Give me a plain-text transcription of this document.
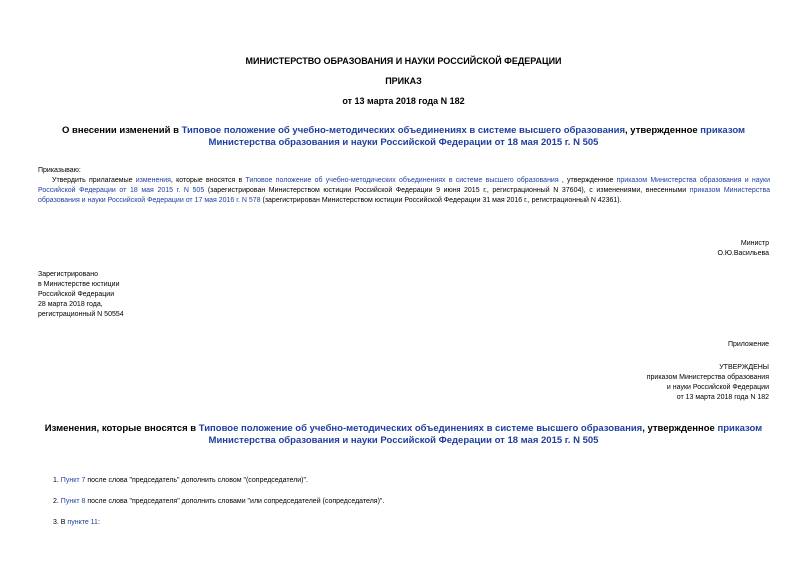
МИНИСТЕРСТВО ОБРАЗОВАНИЯ И НАУКИ РОССИЙСКОЙ ФЕДЕРАЦИИ
ПРИКАЗ
от 13 марта 2018 года N 182
О внесении изменений в Типовое положение об учебно-методических объединениях в системе высшего образования, утвержденное приказом Министерства образования и науки Российской Федерации от 18 мая 2015 г. N 505
Приказываю:
Утвердить прилагаемые изменения, которые вносятся в Типовое положение об учебно-методических объединениях в системе высшего образования , утвержденное приказом Министерства образования и науки Российской Федерации от 18 мая 2015 г. N 505 (зарегистрирован Министерством юстиции Российской Федерации 9 июня 2015 г., регистрационный N 37604), с изменениями, внесенными приказом Министерства образования и науки Российской Федерации от 17 мая 2016 г. N 578 (зарегистрирован Министерством юстиции Российской Федерации 31 мая 2016 г., регистрационный N 42361).
Министр
О.Ю.Васильева
Зарегистрировано
в Министерстве юстиции
Российской Федерации
28 марта 2018 года,
регистрационный N 50554
Приложение
УТВЕРЖДЕНЫ
приказом Министерства образования
и науки Российской Федерации
от 13 марта 2018 года N 182
Изменения, которые вносятся в Типовое положение об учебно-методических объединениях в системе высшего образования, утвержденное приказом Министерства образования и науки Российской Федерации от 18 мая 2015 г. N 505
1. Пункт 7 после слова "председатель" дополнить словом "(сопредседатели)".
2. Пункт 8 после слова "председателя" дополнить словами "или сопредседателей (сопредседателя)".
3. В пункте 11:
